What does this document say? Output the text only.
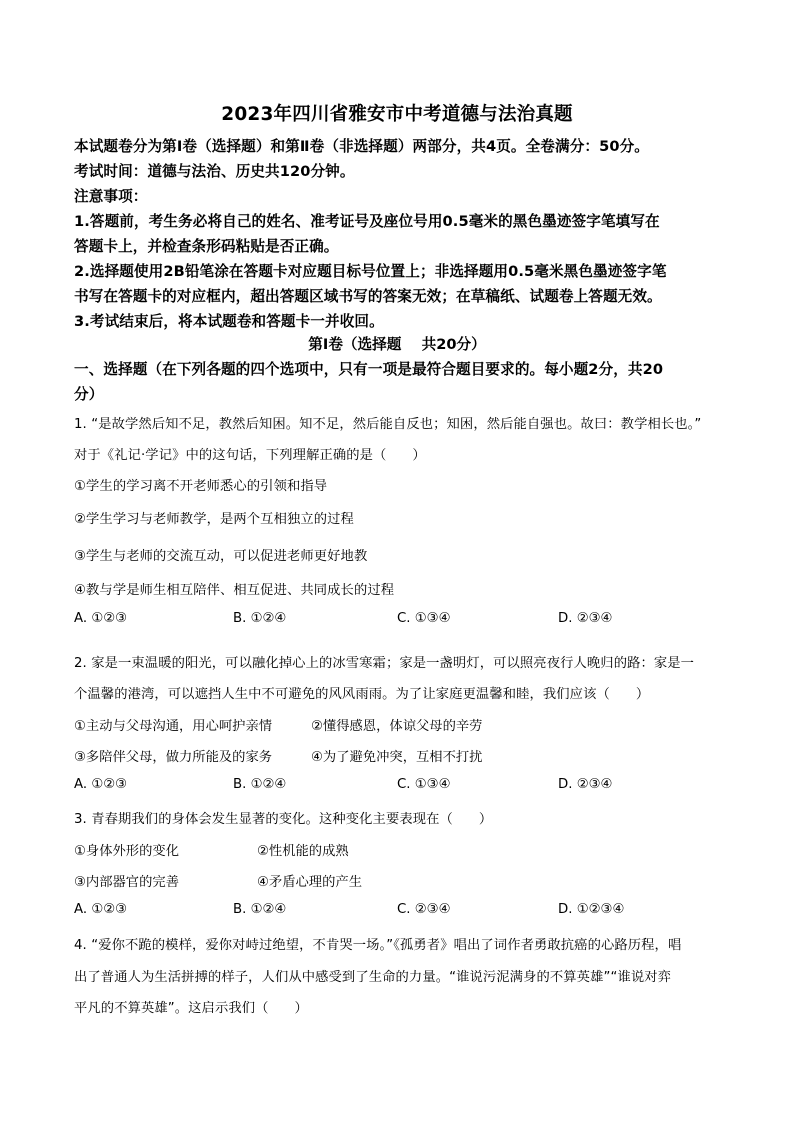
2023年四川省雅安市中考道德与法治真题
本试题卷分为第Ⅰ卷（选择题）和第Ⅱ卷（非选择题）两部分，共4页。全卷满分：50分。
考试时间：道德与法治、历史共120分钟。
注意事项：
1.答题前，考生务必将自己的姓名、准考证号及座位号用0.5毫米的黑色墨迹签字笔填写在
答题卡上，并检查条形码粘贴是否正确。
2.选择题使用2B铅笔涂在答题卡对应题目标号位置上；非选择题用0.5毫米黑色墨迹签字笔
书写在答题卡的对应框内，超出答题区域书写的答案无效；在草稿纸、试题卷上答题无效。
3.考试结束后，将本试题卷和答题卡一并收回。
第Ⅰ卷（选择题    共20分）
一、选择题（在下列各题的四个选项中，只有一项是最符合题目要求的。每小题2分，共20
分）
1. “是故学然后知不足，教然后知困。知不足，然后能自反也；知困，然后能自强也。故曰：教学相长也。”
对于《礼记·学记》中的这句话，下列理解正确的是（      ）
①学生的学习离不开老师悉心的引领和指导
②学生学习与老师教学，是两个互相独立的过程
③学生与老师的交流互动，可以促进老师更好地教
④教与学是师生相互陪伴、相互促进、共同成长的过程
A. ①②③	B. ①②④	C. ①③④	D. ②③④
2. 家是一束温暖的阳光，可以融化掉心上的冰雪寒霜；家是一盏明灯，可以照亮夜行人晚归的路：家是一
个温馨的港湾，可以遮挡人生中不可避免的风风雨雨。为了让家庭更温馨和睦，我们应该（      ）
①主动与父母沟通，用心呵护亲情	②懂得感恩，体谅父母的辛劳
③多陪伴父母，做力所能及的家务	④为了避免冲突，互相不打扰
A. ①②③	B. ①②④	C. ①③④	D. ②③④
3. 青春期我们的身体会发生显著的变化。这种变化主要表现在（      ）
①身体外形的变化	②性机能的成熟
③内部器官的完善	④矛盾心理的产生
A. ①②③	B. ①②④	C. ②③④	D. ①②③④
4. “爱你不跪的模样，爱你对峙过绝望，不肯哭一场。”《孤勇者》唱出了词作者勇敢抗癌的心路历程，唱
出了普通人为生活拼搏的样子，人们从中感受到了生命的力量。“谁说污泥满身的不算英雄”“谁说对弈
平凡的不算英雄”。这启示我们（      ）
